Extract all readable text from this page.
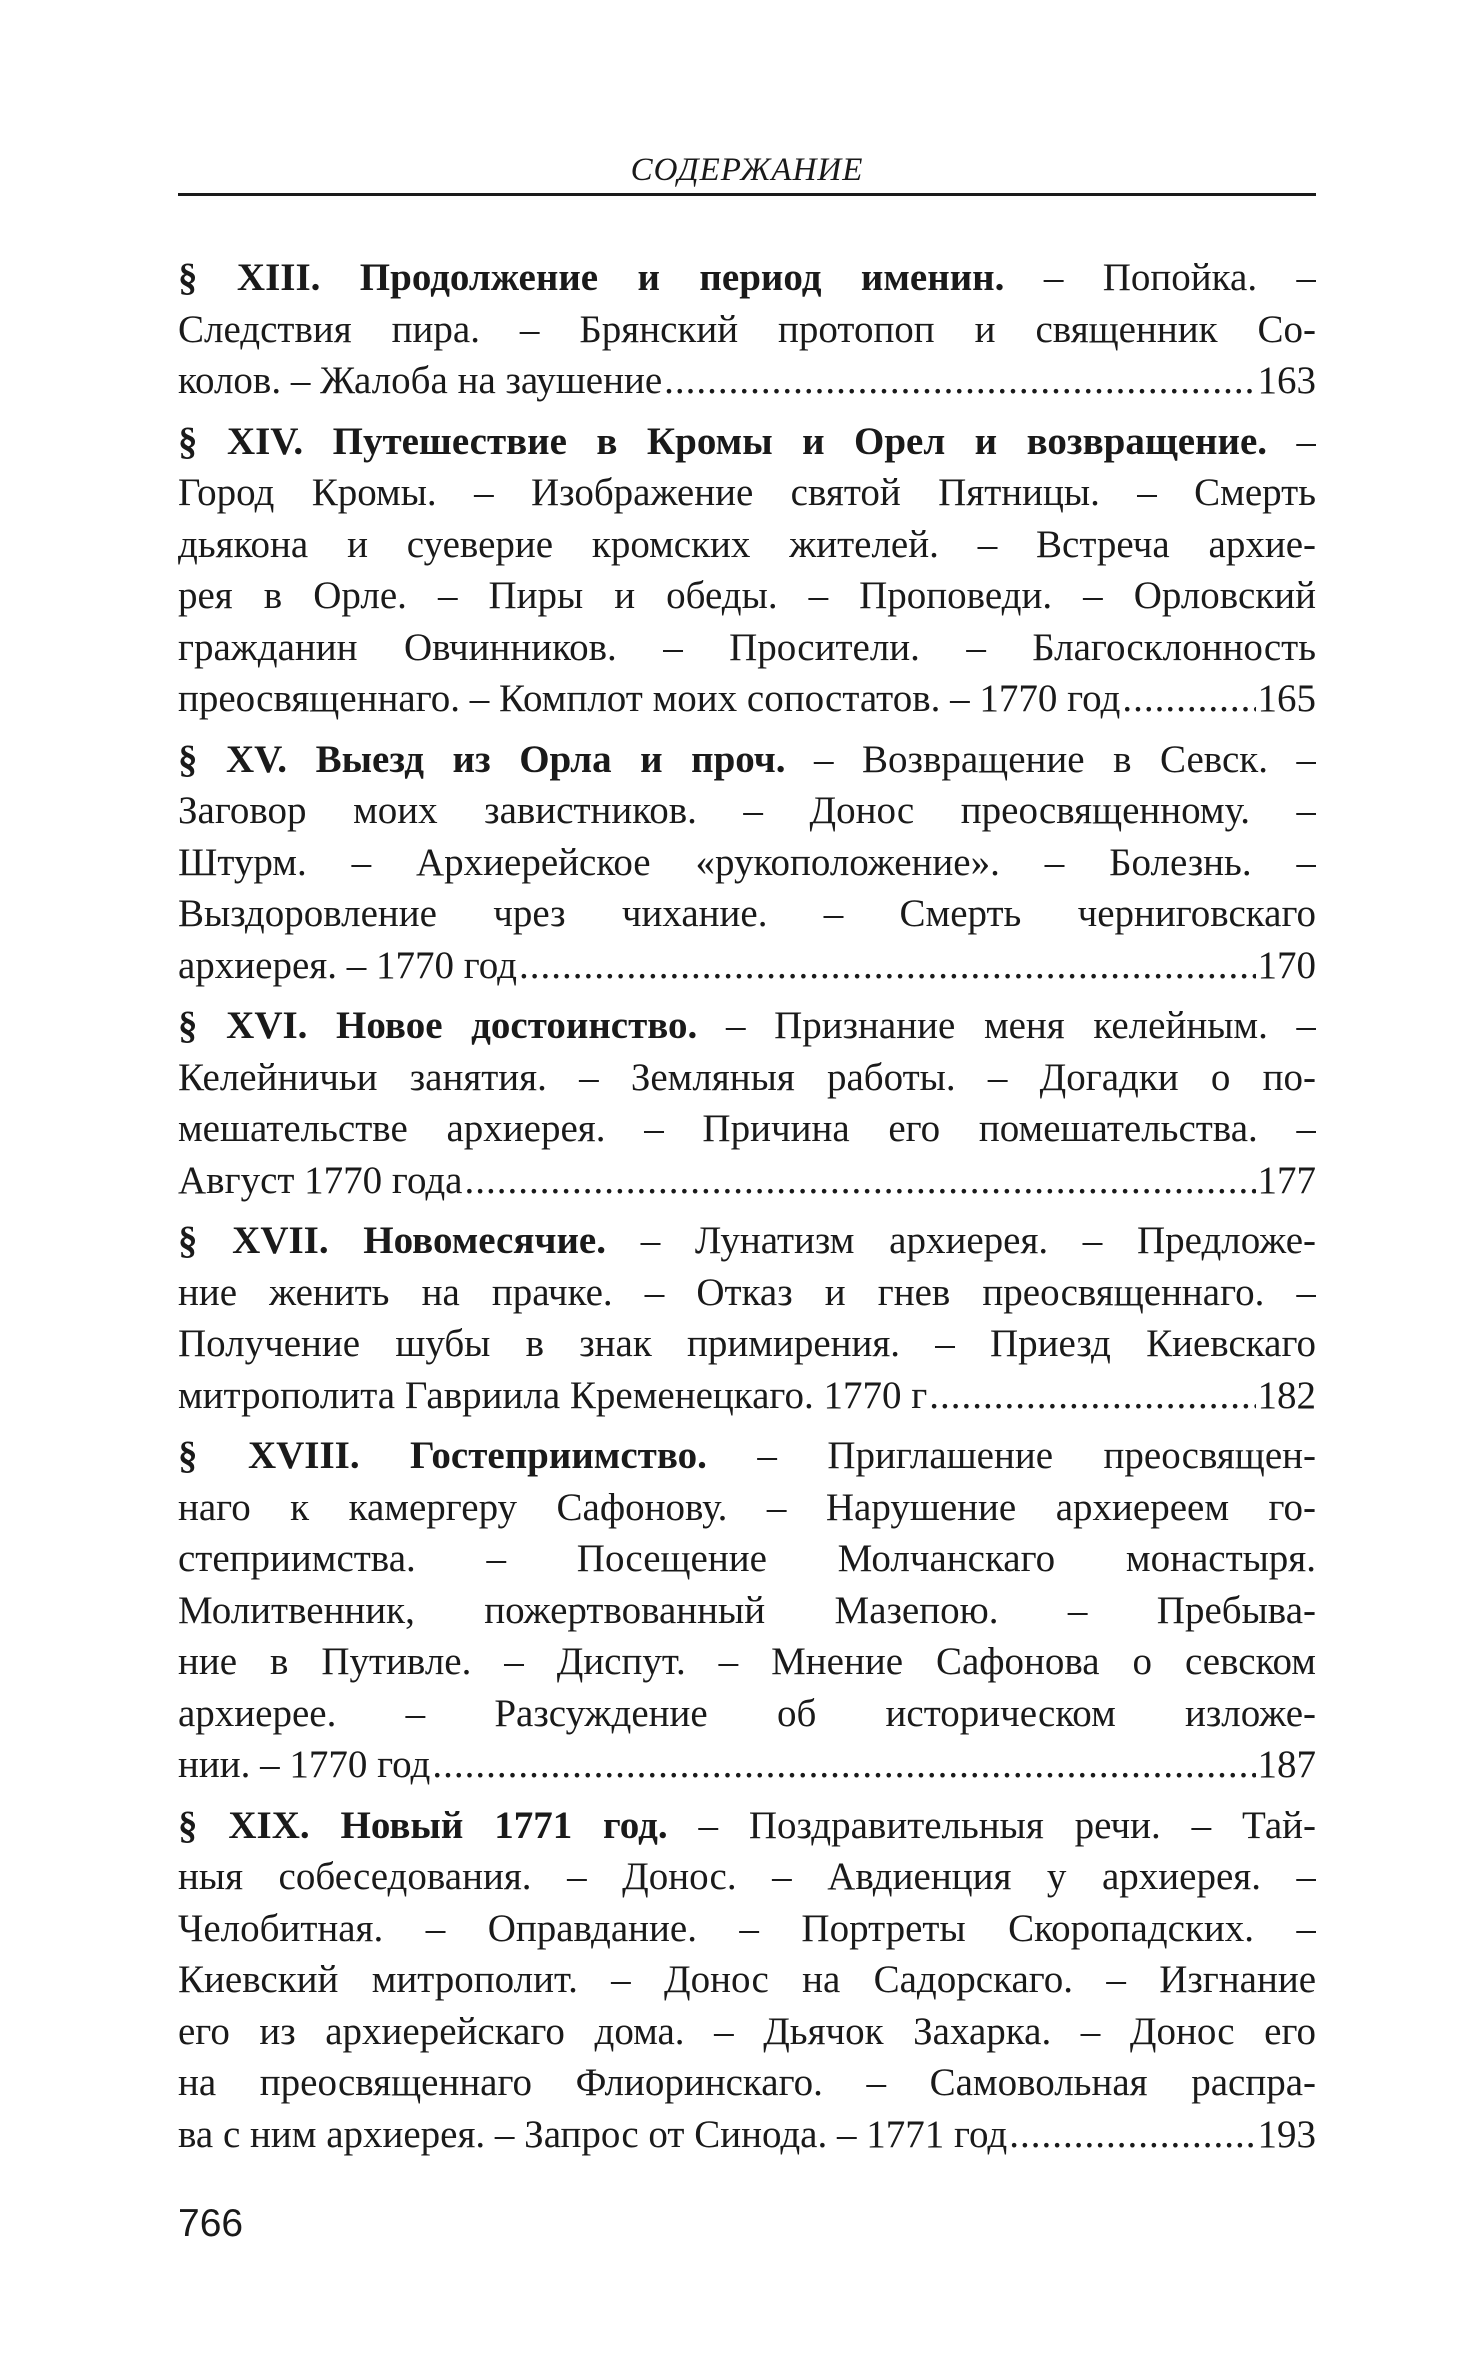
СОДЕРЖАНИЕ
§ XIII. Продолжение и период именин. – Попойка. –
Следствия пира. – Брянский протопоп и священник Со-
колов. – Жалоба на заушение .....	163
§ XIV. Путешествие в Кромы и Орел и возвращение. –
Город Кромы. – Изображение святой Пятницы. – Смерть
дьякона и суеверие кромских жителей. – Встреча архие-
рея в Орле. – Пиры и обеды. – Проповеди. – Орловский
гражданин Овчинников. – Просители. – Благосклонность
преосвященнаго. – Комплот моих сопостатов. – 1770 год .....	165
§ XV. Выезд из Орла и проч. – Возвращение в Севск. –
Заговор моих завистников. – Донос преосвященному. –
Штурм. – Архиерейское «рукоположение». – Болезнь. –
Выздоровление чрез чихание. – Смерть черниговскаго
архиерея. – 1770 год .....	170
§ XVI. Новое достоинство. – Признание меня келейным. –
Келейничьи занятия. – Земляныя работы. – Догадки о по-
мешательстве архиерея. – Причина его помешательства. –
Август 1770 года .....	177
§ XVII. Новомесячие. – Лунатизм архиерея. – Предложе-
ние женить на прачке. – Отказ и гнев преосвященнаго. –
Получение шубы в знак примирения. – Приезд Киевскаго
митрополита Гавриила Кременецкаго. 1770 г .....	182
§ XVIII. Гостеприимство. – Приглашение преосвящен-
наго к камергеру Сафонову. – Нарушение архиереем го-
степриимства. – Посещение Молчанскаго монастыря.
Молитвенник, пожертвованный Мазепою. – Пребыва-
ние в Путивле. – Диспут. – Мнение Сафонова о севском
архиерее. – Разсуждение об историческом изложе-
нии. – 1770 год .....	187
§ XIX. Новый 1771 год. – Поздравительныя речи. – Тай-
ныя собеседования. – Донос. – Авдиенция у архиерея. –
Челобитная. – Оправдание. – Портреты Скоропадских. –
Киевский митрополит. – Донос на Садорскаго. – Изгнание
его из архиерейскаго дома. – Дьячок Захарка. – Донос его
на преосвященнаго Флиоринскаго. – Самовольная распра-
ва с ним архиерея. – Запрос от Синода. – 1771 год .....	193
766
